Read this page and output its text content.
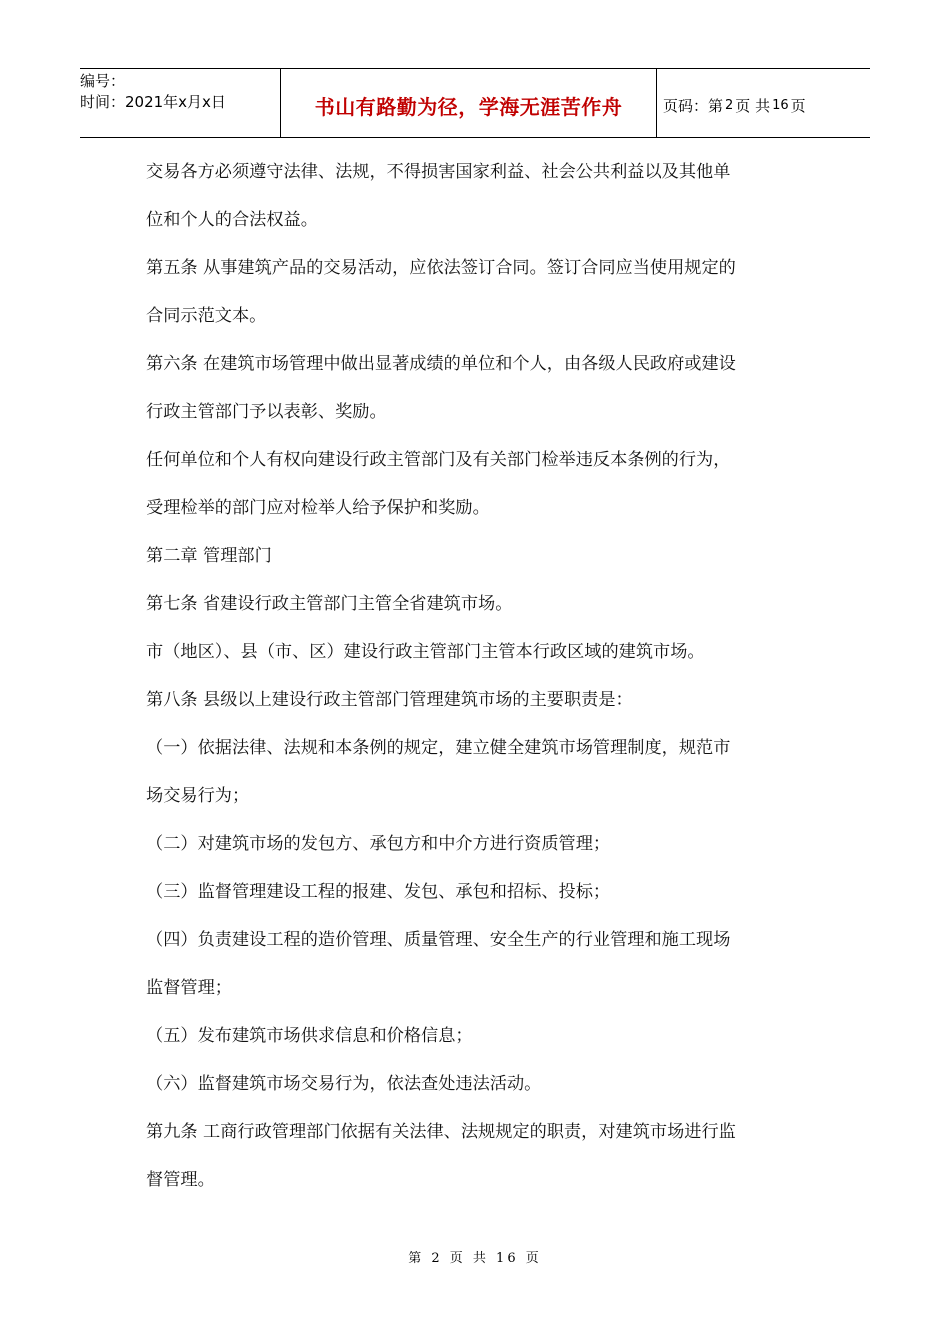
编号：
时间：2021年x月x日	书山有路勤为径，学海无涯苦作舟	页码：第 2 页 共 16 页

交易各方必须遵守法律、法规，不得损害国家利益、社会公共利益以及其他单

位和个人的合法权益。

第五条 从事建筑产品的交易活动，应依法签订合同。签订合同应当使用规定的

合同示范文本。

第六条 在建筑市场管理中做出显著成绩的单位和个人，由各级人民政府或建设

行政主管部门予以表彰、奖励。

任何单位和个人有权向建设行政主管部门及有关部门检举违反本条例的行为，

受理检举的部门应对检举人给予保护和奖励。

第二章 管理部门

第七条 省建设行政主管部门主管全省建筑市场。

市（地区）、县（市、区）建设行政主管部门主管本行政区域的建筑市场。

第八条 县级以上建设行政主管部门管理建筑市场的主要职责是：

（一）依据法律、法规和本条例的规定，建立健全建筑市场管理制度，规范市

场交易行为；

（二）对建筑市场的发包方、承包方和中介方进行资质管理；

（三）监督管理建设工程的报建、发包、承包和招标、投标；

（四）负责建设工程的造价管理、质量管理、安全生产的行业管理和施工现场

监督管理；

（五）发布建筑市场供求信息和价格信息；

（六）监督建筑市场交易行为，依法查处违法活动。

第九条 工商行政管理部门依据有关法律、法规规定的职责，对建筑市场进行监

督管理。

第 2 页 共 16 页
